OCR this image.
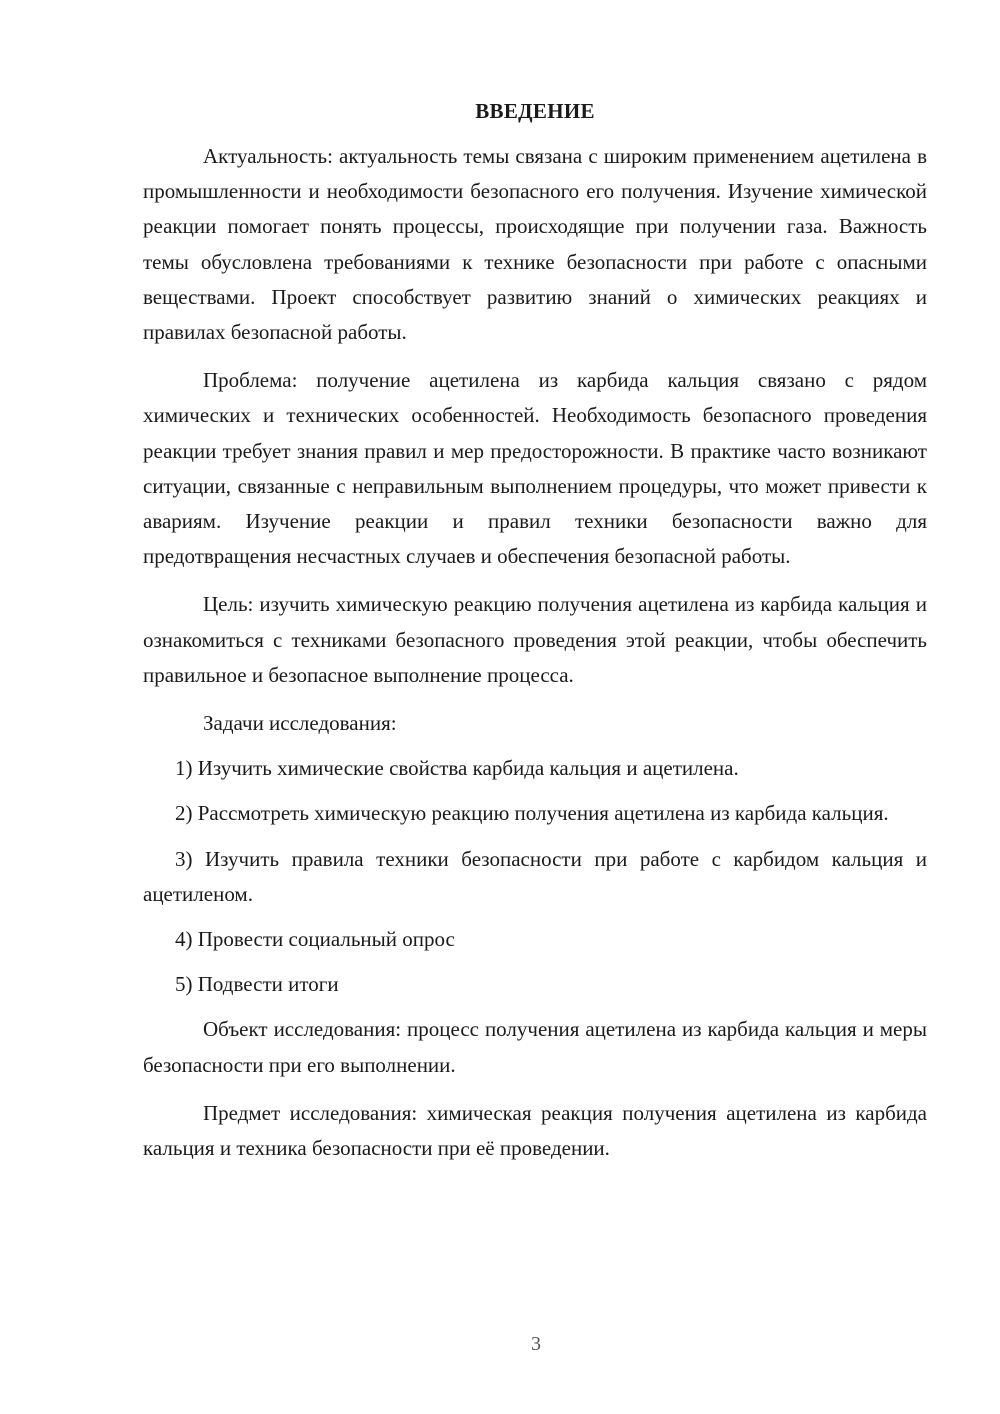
ВВЕДЕНИЕ

Актуальность: актуальность темы связана с широким применением ацетилена в промышленности и необходимости безопасного его получения. Изучение химической реакции помогает понять процессы, происходящие при получении газа. Важность темы обусловлена требованиями к технике безопасности при работе с опасными веществами. Проект способствует развитию знаний о химических реакциях и правилах безопасной работы.

Проблема: получение ацетилена из карбида кальция связано с рядом химических и технических особенностей. Необходимость безопасного проведения реакции требует знания правил и мер предосторожности. В практике часто возникают ситуации, связанные с неправильным выполнением процедуры, что может привести к авариям. Изучение реакции и правил техники безопасности важно для предотвращения несчастных случаев и обеспечения безопасной работы.

Цель: изучить химическую реакцию получения ацетилена из карбида кальция и ознакомиться с техниками безопасного проведения этой реакции, чтобы обеспечить правильное и безопасное выполнение процесса.

Задачи исследования:

1) Изучить химические свойства карбида кальция и ацетилена.

2) Рассмотреть химическую реакцию получения ацетилена из карбида кальция.

3) Изучить правила техники безопасности при работе с карбидом кальция и ацетиленом.

4) Провести социальный опрос

5) Подвести итоги

Объект исследования: процесс получения ацетилена из карбида кальция и меры безопасности при его выполнении.

Предмет исследования: химическая реакция получения ацетилена из карбида кальция и техника безопасности при её проведении.

3
